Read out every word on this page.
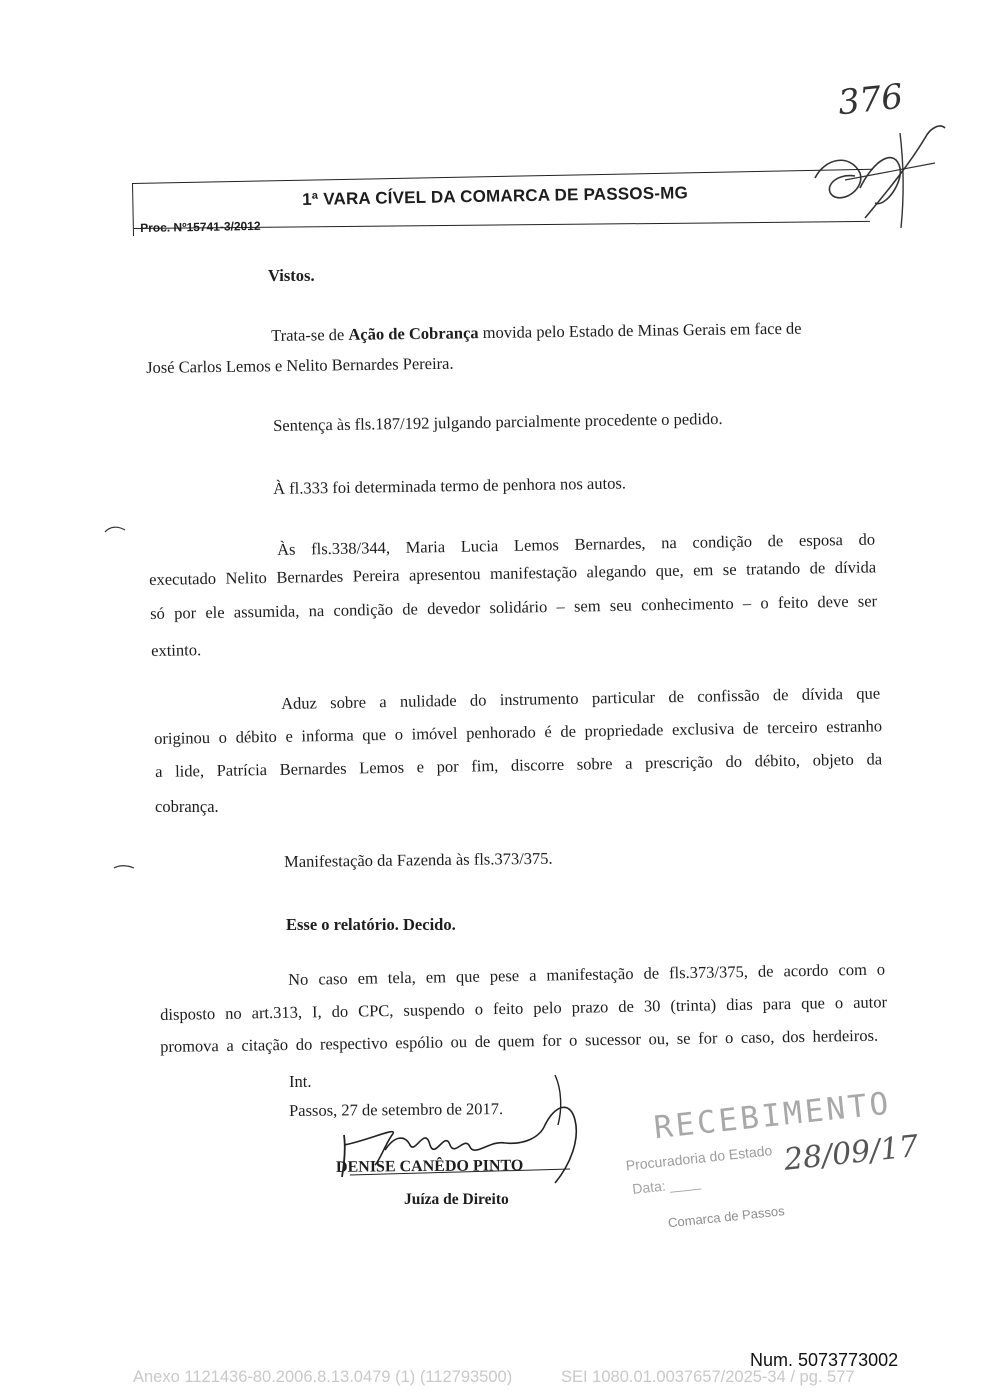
376
1ª VARA CÍVEL DA COMARCA DE PASSOS-MG
Proc. Nº15741-3/2012
Vistos.
Trata-se de Ação de Cobrança movida pelo Estado de Minas Gerais em face de
José Carlos Lemos e Nelito Bernardes Pereira.
Sentença às fls.187/192 julgando parcialmente procedente o pedido.
À fl.333 foi determinada termo de penhora nos autos.
Às fls.338/344, Maria Lucia Lemos Bernardes, na condição de esposa do
executado Nelito Bernardes Pereira apresentou manifestação alegando que, em se tratando de dívida
só por ele assumida, na condição de devedor solidário – sem seu conhecimento – o feito deve ser
extinto.
Aduz sobre a nulidade do instrumento particular de confissão de dívida que
originou o débito e informa que o imóvel penhorado é de propriedade exclusiva de terceiro estranho
a lide, Patrícia Bernardes Lemos e por fim, discorre sobre a prescrição do débito, objeto da
cobrança.
Manifestação da Fazenda às fls.373/375.
Esse o relatório. Decido.
No caso em tela, em que pese a manifestação de fls.373/375, de acordo com o
disposto no art.313, I, do CPC, suspendo o feito pelo prazo de 30 (trinta) dias para que o autor
promova a citação do respectivo espólio ou de quem for o sucessor ou, se for o caso, dos herdeiros.
Int.
Passos, 27 de setembro de 2017.
DENISE CANÊDO PINTO
Juíza de Direito
RECEBIMENTO
Procuradoria do Estado
Data: ____
28/09/17
Comarca de Passos
Num. 5073773002
Anexo 1121436-80.2006.8.13.0479 (1) (112793500)	SEI 1080.01.0037657/2025-34 / pg. 577
